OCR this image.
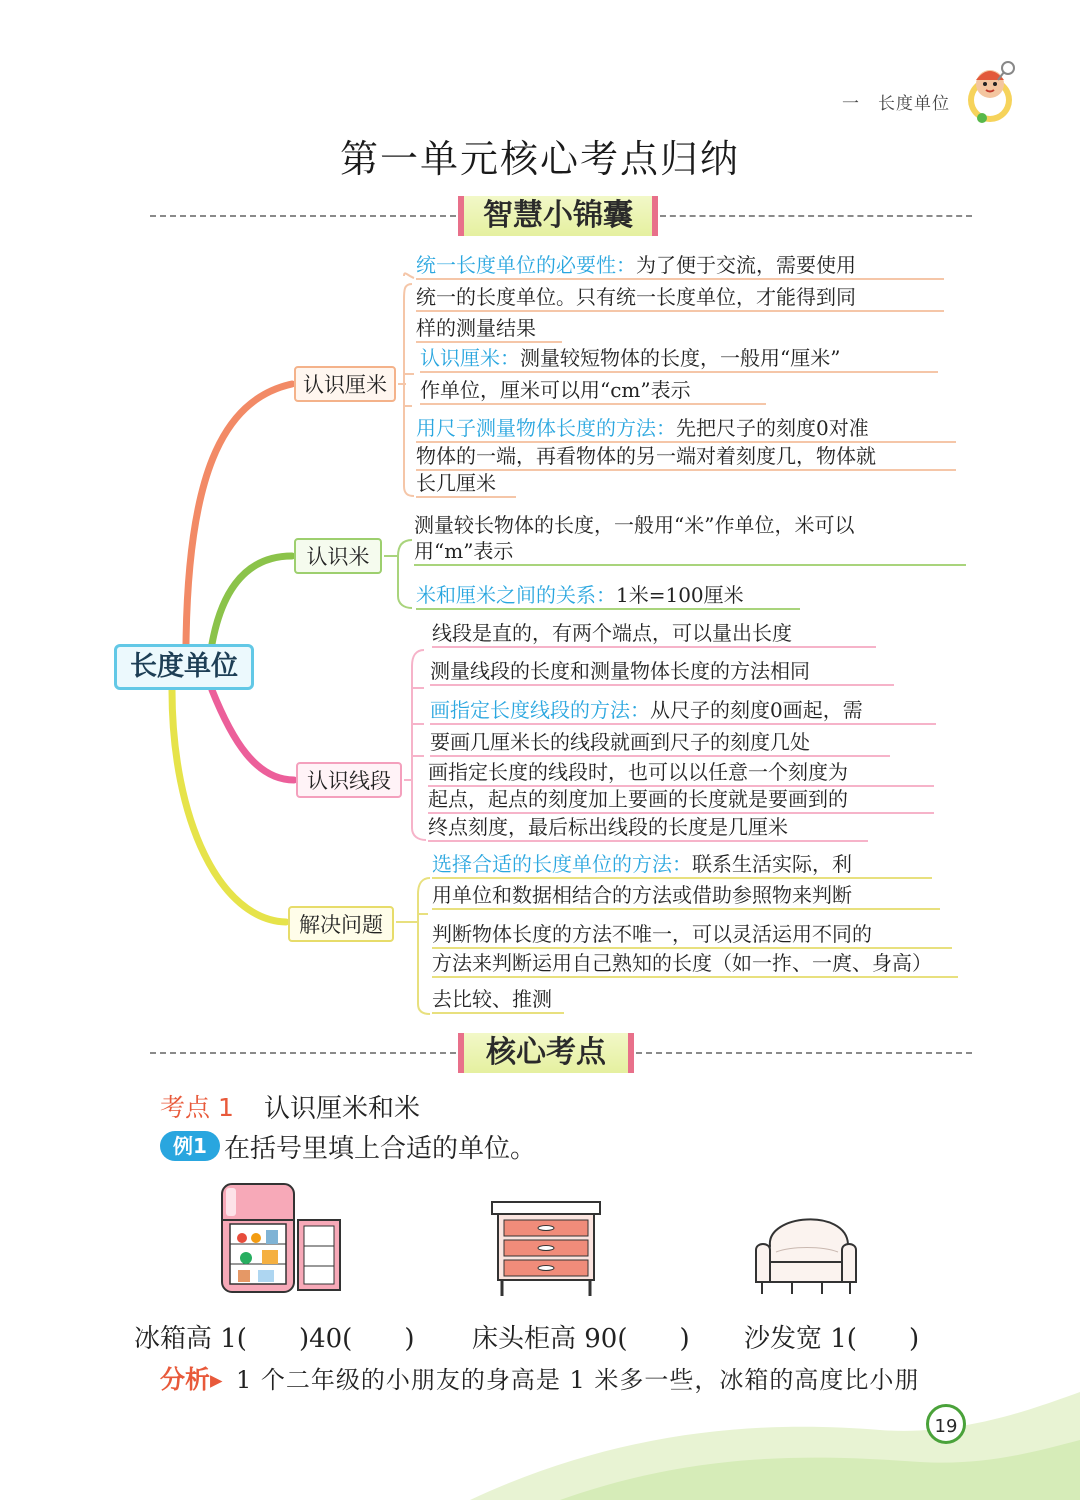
一　长度单位
第一单元核心考点归纳
智慧小锦囊
长度单位
认识厘米
认识米
认识线段
解决问题
统一长度单位的必要性：为了便于交流，需要使用
统一的长度单位。只有统一长度单位，才能得到同
样的测量结果
认识厘米：测量较短物体的长度，一般用“厘米”
作单位，厘米可以用“cm”表示
用尺子测量物体长度的方法：先把尺子的刻度0对准
物体的一端，再看物体的另一端对着刻度几，物体就
长几厘米
测量较长物体的长度，一般用“米”作单位，米可以
用“m”表示
米和厘米之间的关系：1米=100厘米
线段是直的，有两个端点，可以量出长度
测量线段的长度和测量物体长度的方法相同
画指定长度线段的方法：从尺子的刻度0画起，需
要画几厘米长的线段就画到尺子的刻度几处
画指定长度的线段时，也可以以任意一个刻度为
起点，起点的刻度加上要画的长度就是要画到的
终点刻度，最后标出线段的长度是几厘米
选择合适的长度单位的方法：联系生活实际，利
用单位和数据相结合的方法或借助参照物来判断
判断物体长度的方法不唯一，可以灵活运用不同的
方法来判断运用自己熟知的长度（如一拃、一庹、身高）
去比较、推测
核心考点
考点 1 认识厘米和米
例1 在括号里填上合适的单位。
冰箱高 1(　　)40(　　) 床头柜高 90(　　) 沙发宽 1(　　)
分析▸ 1 个二年级的小朋友的身高是 1 米多一些，冰箱的高度比小朋
19
